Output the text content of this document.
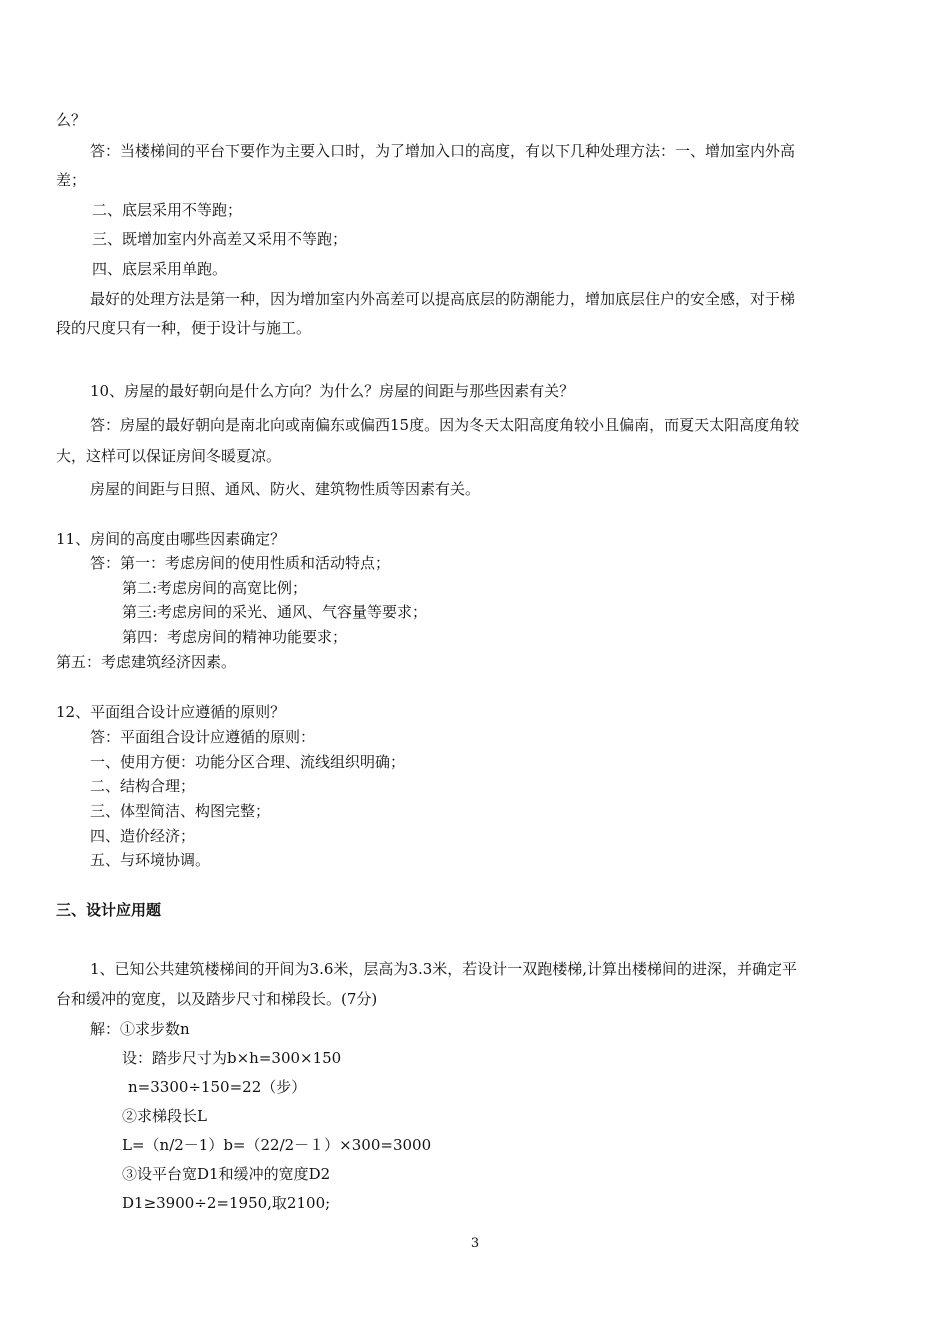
么？
答：当楼梯间的平台下要作为主要入口时，为了增加入口的高度，有以下几种处理方法：一、增加室内外高
差；
二、底层采用不等跑；
三、既增加室内外高差又采用不等跑；
四、底层采用单跑。
最好的处理方法是第一种，因为增加室内外高差可以提高底层的防潮能力，增加底层住户的安全感，对于梯
段的尺度只有一种，便于设计与施工。
10、房屋的最好朝向是什么方向？为什么？房屋的间距与那些因素有关？
答：房屋的最好朝向是南北向或南偏东或偏西15度。因为冬天太阳高度角较小且偏南，而夏天太阳高度角较
大，这样可以保证房间冬暖夏凉。
房屋的间距与日照、通风、防火、建筑物性质等因素有关。
11、房间的高度由哪些因素确定？
答：第一：考虑房间的使用性质和活动特点；
第二:考虑房间的高宽比例；
第三:考虑房间的采光、通风、气容量等要求；
第四：考虑房间的精神功能要求；
第五：考虑建筑经济因素。
12、平面组合设计应遵循的原则？
答：平面组合设计应遵循的原则：
一、使用方便：功能分区合理、流线组织明确；
二、结构合理；
三、体型简洁、构图完整；
四、造价经济；
五、与环境协调。
三、设计应用题
1、已知公共建筑楼梯间的开间为3.6米，层高为3.3米，若设计一双跑楼梯,计算出楼梯间的进深，并确定平
台和缓冲的宽度，以及踏步尺寸和梯段长。(7分)
解：①求步数n
设：踏步尺寸为b×h=300×150
n=3300÷150=22（步）
②求梯段长L
L=（n/2－1）b=（22/2－１）×300=3000
③设平台宽D1和缓冲的宽度D2
D1≥3900÷2=1950,取2100;
3
